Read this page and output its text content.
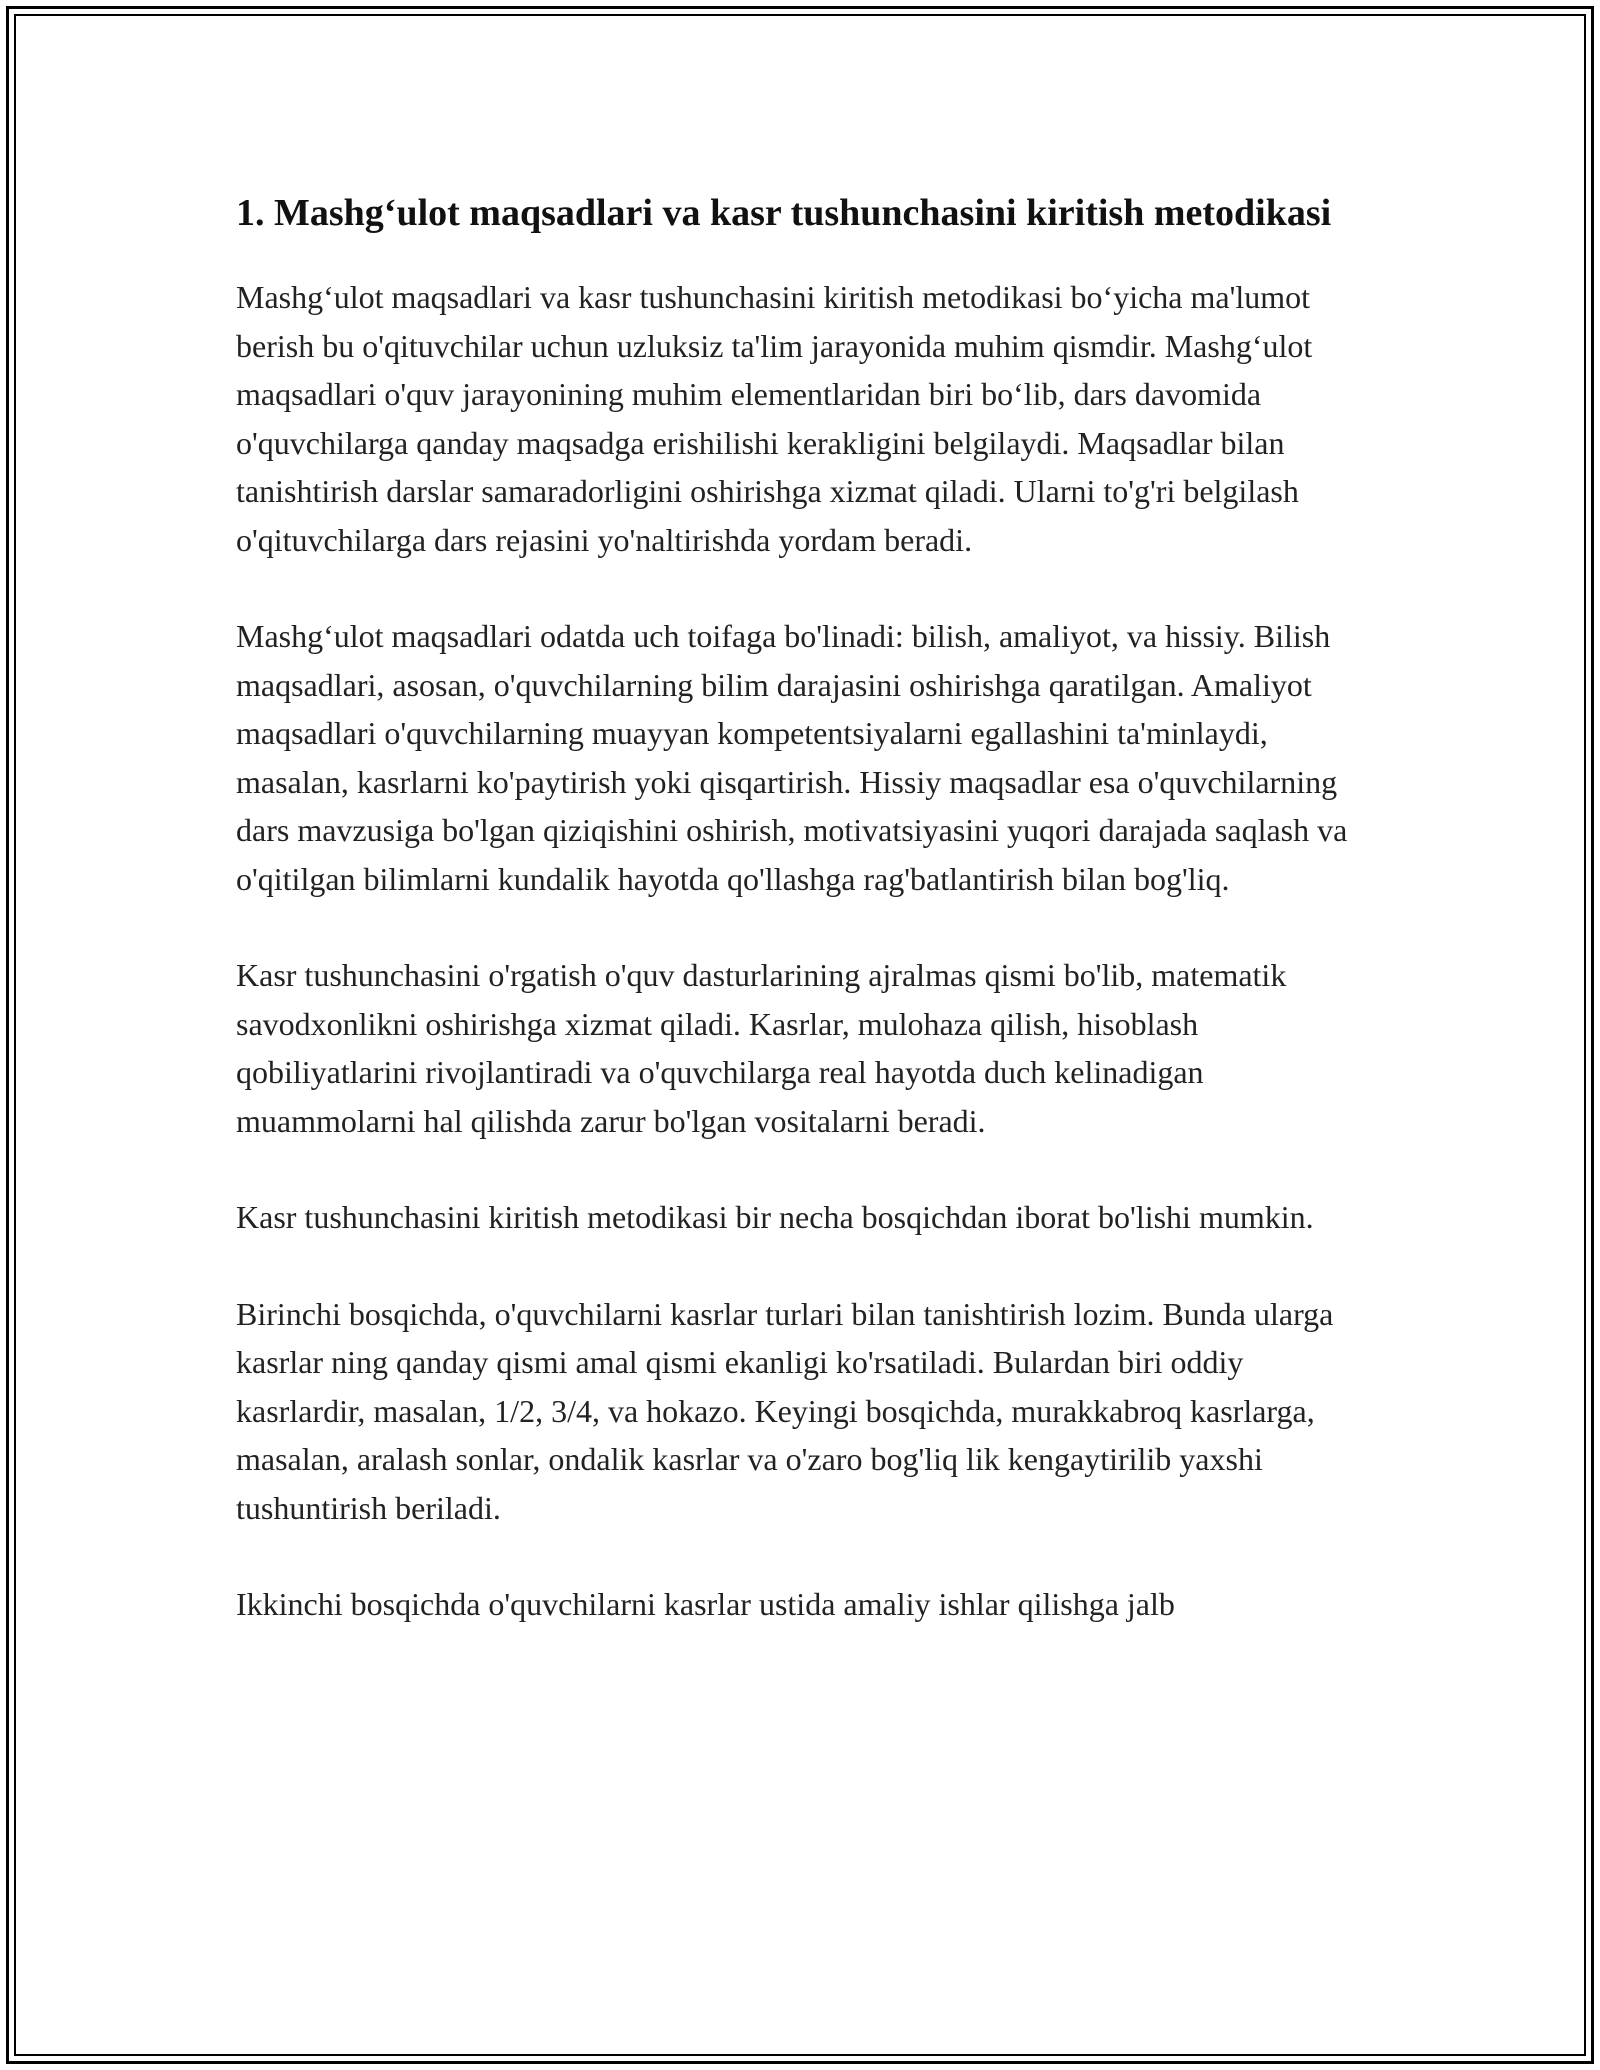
1. Mashg‘ulot maqsadlari va kasr tushunchasini kiritish metodikasi

Mashg‘ulot maqsadlari va kasr tushunchasini kiritish metodikasi bo‘yicha ma'lumot berish bu o'qituvchilar uchun uzluksiz ta'lim jarayonida muhim qismdir. Mashg‘ulot maqsadlari o'quv jarayonining muhim elementlaridan biri bo‘lib, dars davomida o'quvchilarga qanday maqsadga erishilishi kerakligini belgilaydi. Maqsadlar bilan tanishtirish darslar samaradorligini oshirishga xizmat qiladi. Ularni to'g'ri belgilash o'qituvchilarga dars rejasini yo'naltirishda yordam beradi.

Mashg‘ulot maqsadlari odatda uch toifaga bo'linadi: bilish, amaliyot, va hissiy. Bilish maqsadlari, asosan, o'quvchilarning bilim darajasini oshirishga qaratilgan. Amaliyot maqsadlari o'quvchilarning muayyan kompetentsiyalarni egallashini ta'minlaydi, masalan, kasrlarni ko'paytirish yoki qisqartirish. Hissiy maqsadlar esa o'quvchilarning dars mavzusiga bo'lgan qiziqishini oshirish, motivatsiyasini yuqori darajada saqlash va o'qitilgan bilimlarni kundalik hayotda qo'llashga rag'batlantirish bilan bog'liq.

Kasr tushunchasini o'rgatish o'quv dasturlarining ajralmas qismi bo'lib, matematik savodxonlikni oshirishga xizmat qiladi. Kasrlar, mulohaza qilish, hisoblash qobiliyatlarini rivojlantiradi va o'quvchilarga real hayotda duch kelinadigan muammolarni hal qilishda zarur bo'lgan vositalarni beradi.

Kasr tushunchasini kiritish metodikasi bir necha bosqichdan iborat bo'lishi mumkin.

Birinchi bosqichda, o'quvchilarni kasrlar turlari bilan tanishtirish lozim. Bunda ularga kasrlar ning qanday qismi amal qismi ekanligi ko'rsatiladi. Bulardan biri oddiy kasrlardir, masalan, 1/2, 3/4, va hokazo. Keyingi bosqichda, murakkabroq kasrlarga, masalan, aralash sonlar, ondalik kasrlar va o'zaro bog'liq lik kengaytirilib yaxshi tushuntirish beriladi.

Ikkinchi bosqichda o'quvchilarni kasrlar ustida amaliy ishlar qilishga jalb
